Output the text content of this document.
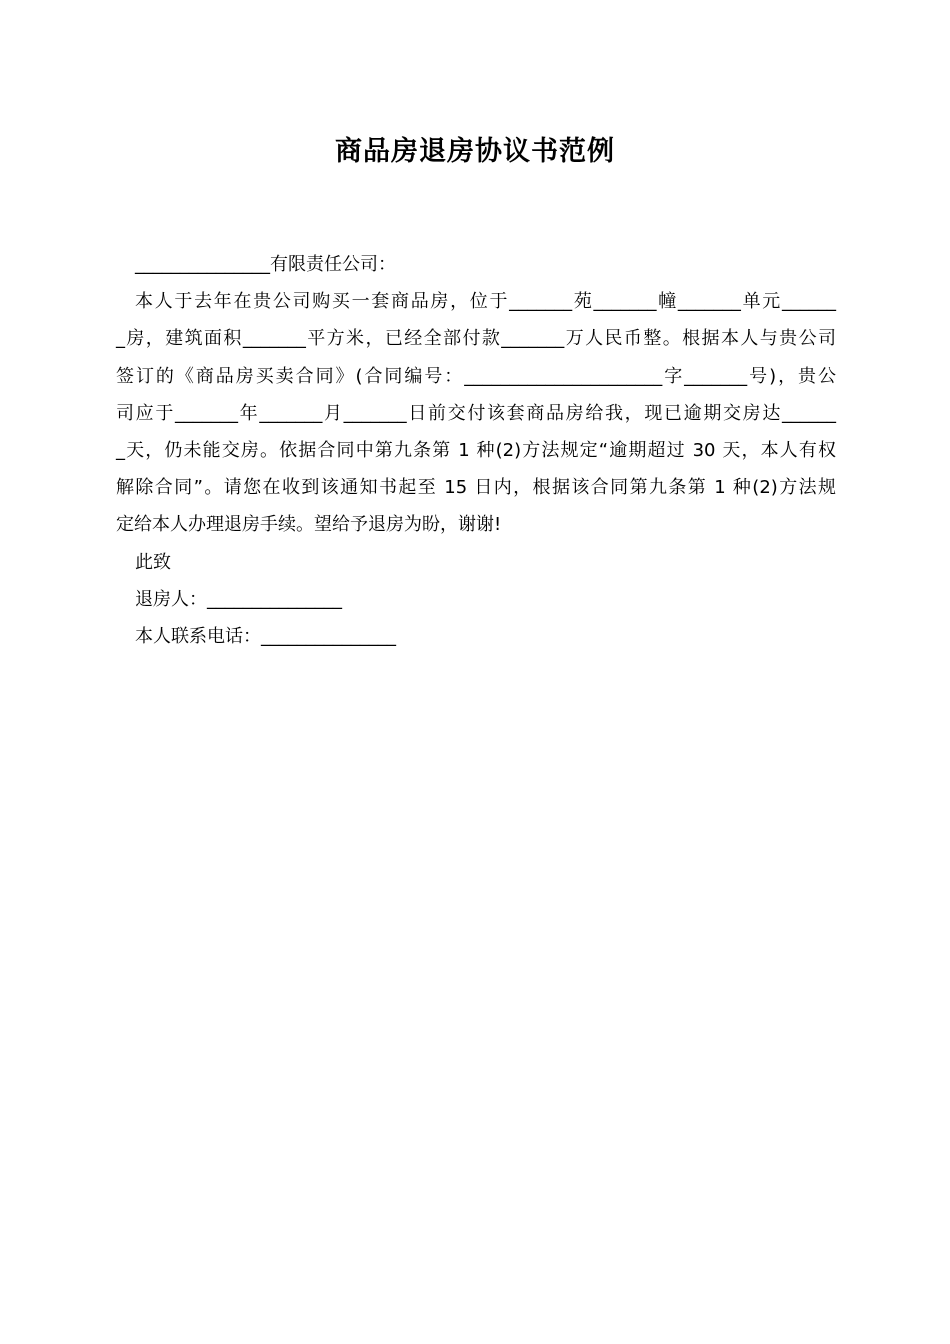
商品房退房协议书范例
_______________有限责任公司：
本人于去年在贵公司购买一套商品房，位于_______苑_______幢_______单元______
_房，建筑面积_______平方米，已经全部付款_______万人民币整。根据本人与贵公司
签订的《商品房买卖合同》(合同编号：______________________字_______号)，贵公
司应于_______年_______月_______日前交付该套商品房给我，现已逾期交房达______
_天，仍未能交房。依据合同中第九条第 1 种(2)方法规定“逾期超过 30 天，本人有权
解除合同”。请您在收到该通知书起至 15 日内，根据该合同第九条第 1 种(2)方法规
定给本人办理退房手续。望给予退房为盼，谢谢!
此致
退房人：_______________
本人联系电话：_______________
